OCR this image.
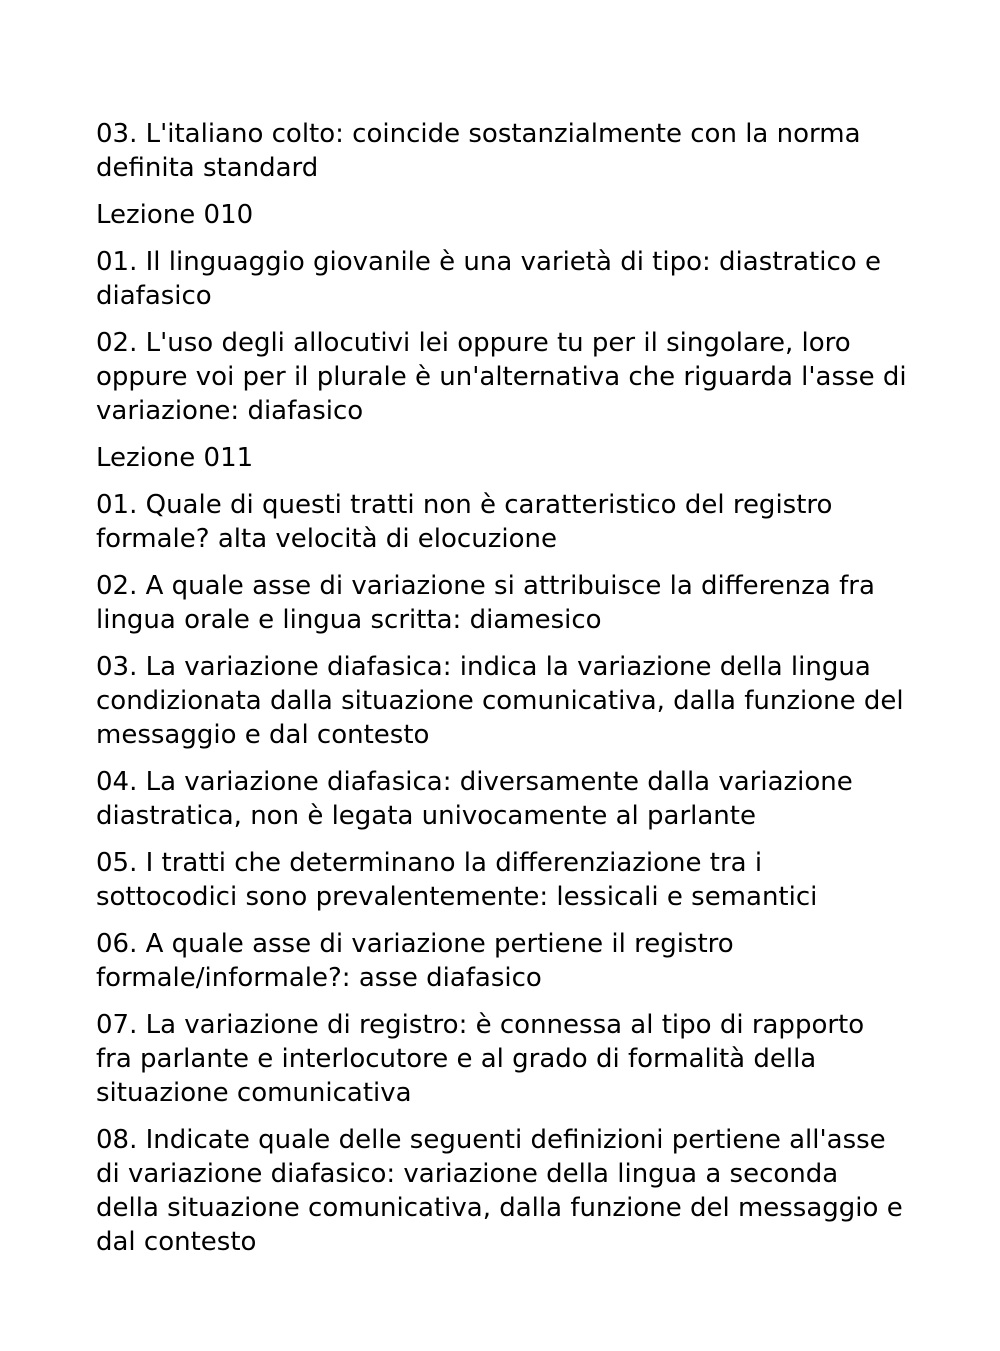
03. L'italiano colto: coincide sostanzialmente con la norma definita standard

Lezione 010

01. Il linguaggio giovanile è una varietà di tipo: diastratico e diafasico

02. L'uso degli allocutivi lei oppure tu per il singolare, loro oppure voi per il plurale è un'alternativa che riguarda l'asse di variazione: diafasico

Lezione 011

01. Quale di questi tratti non è caratteristico del registro formale? alta velocità di elocuzione

02. A quale asse di variazione si attribuisce la differenza fra lingua orale e lingua scritta: diamesico

03. La variazione diafasica: indica la variazione della lingua condizionata dalla situazione comunicativa, dalla funzione del messaggio e dal contesto

04. La variazione diafasica: diversamente dalla variazione diastratica, non è legata univocamente al parlante

05. I tratti che determinano la differenziazione tra i sottocodici sono prevalentemente: lessicali e semantici

06. A quale asse di variazione pertiene il registro formale/informale?: asse diafasico

07. La variazione di registro: è connessa al tipo di rapporto fra parlante e interlocutore e al grado di formalità della situazione comunicativa

08. Indicate quale delle seguenti definizioni pertiene all'asse di variazione diafasico: variazione della lingua a seconda della situazione comunicativa, dalla funzione del messaggio e dal contesto
